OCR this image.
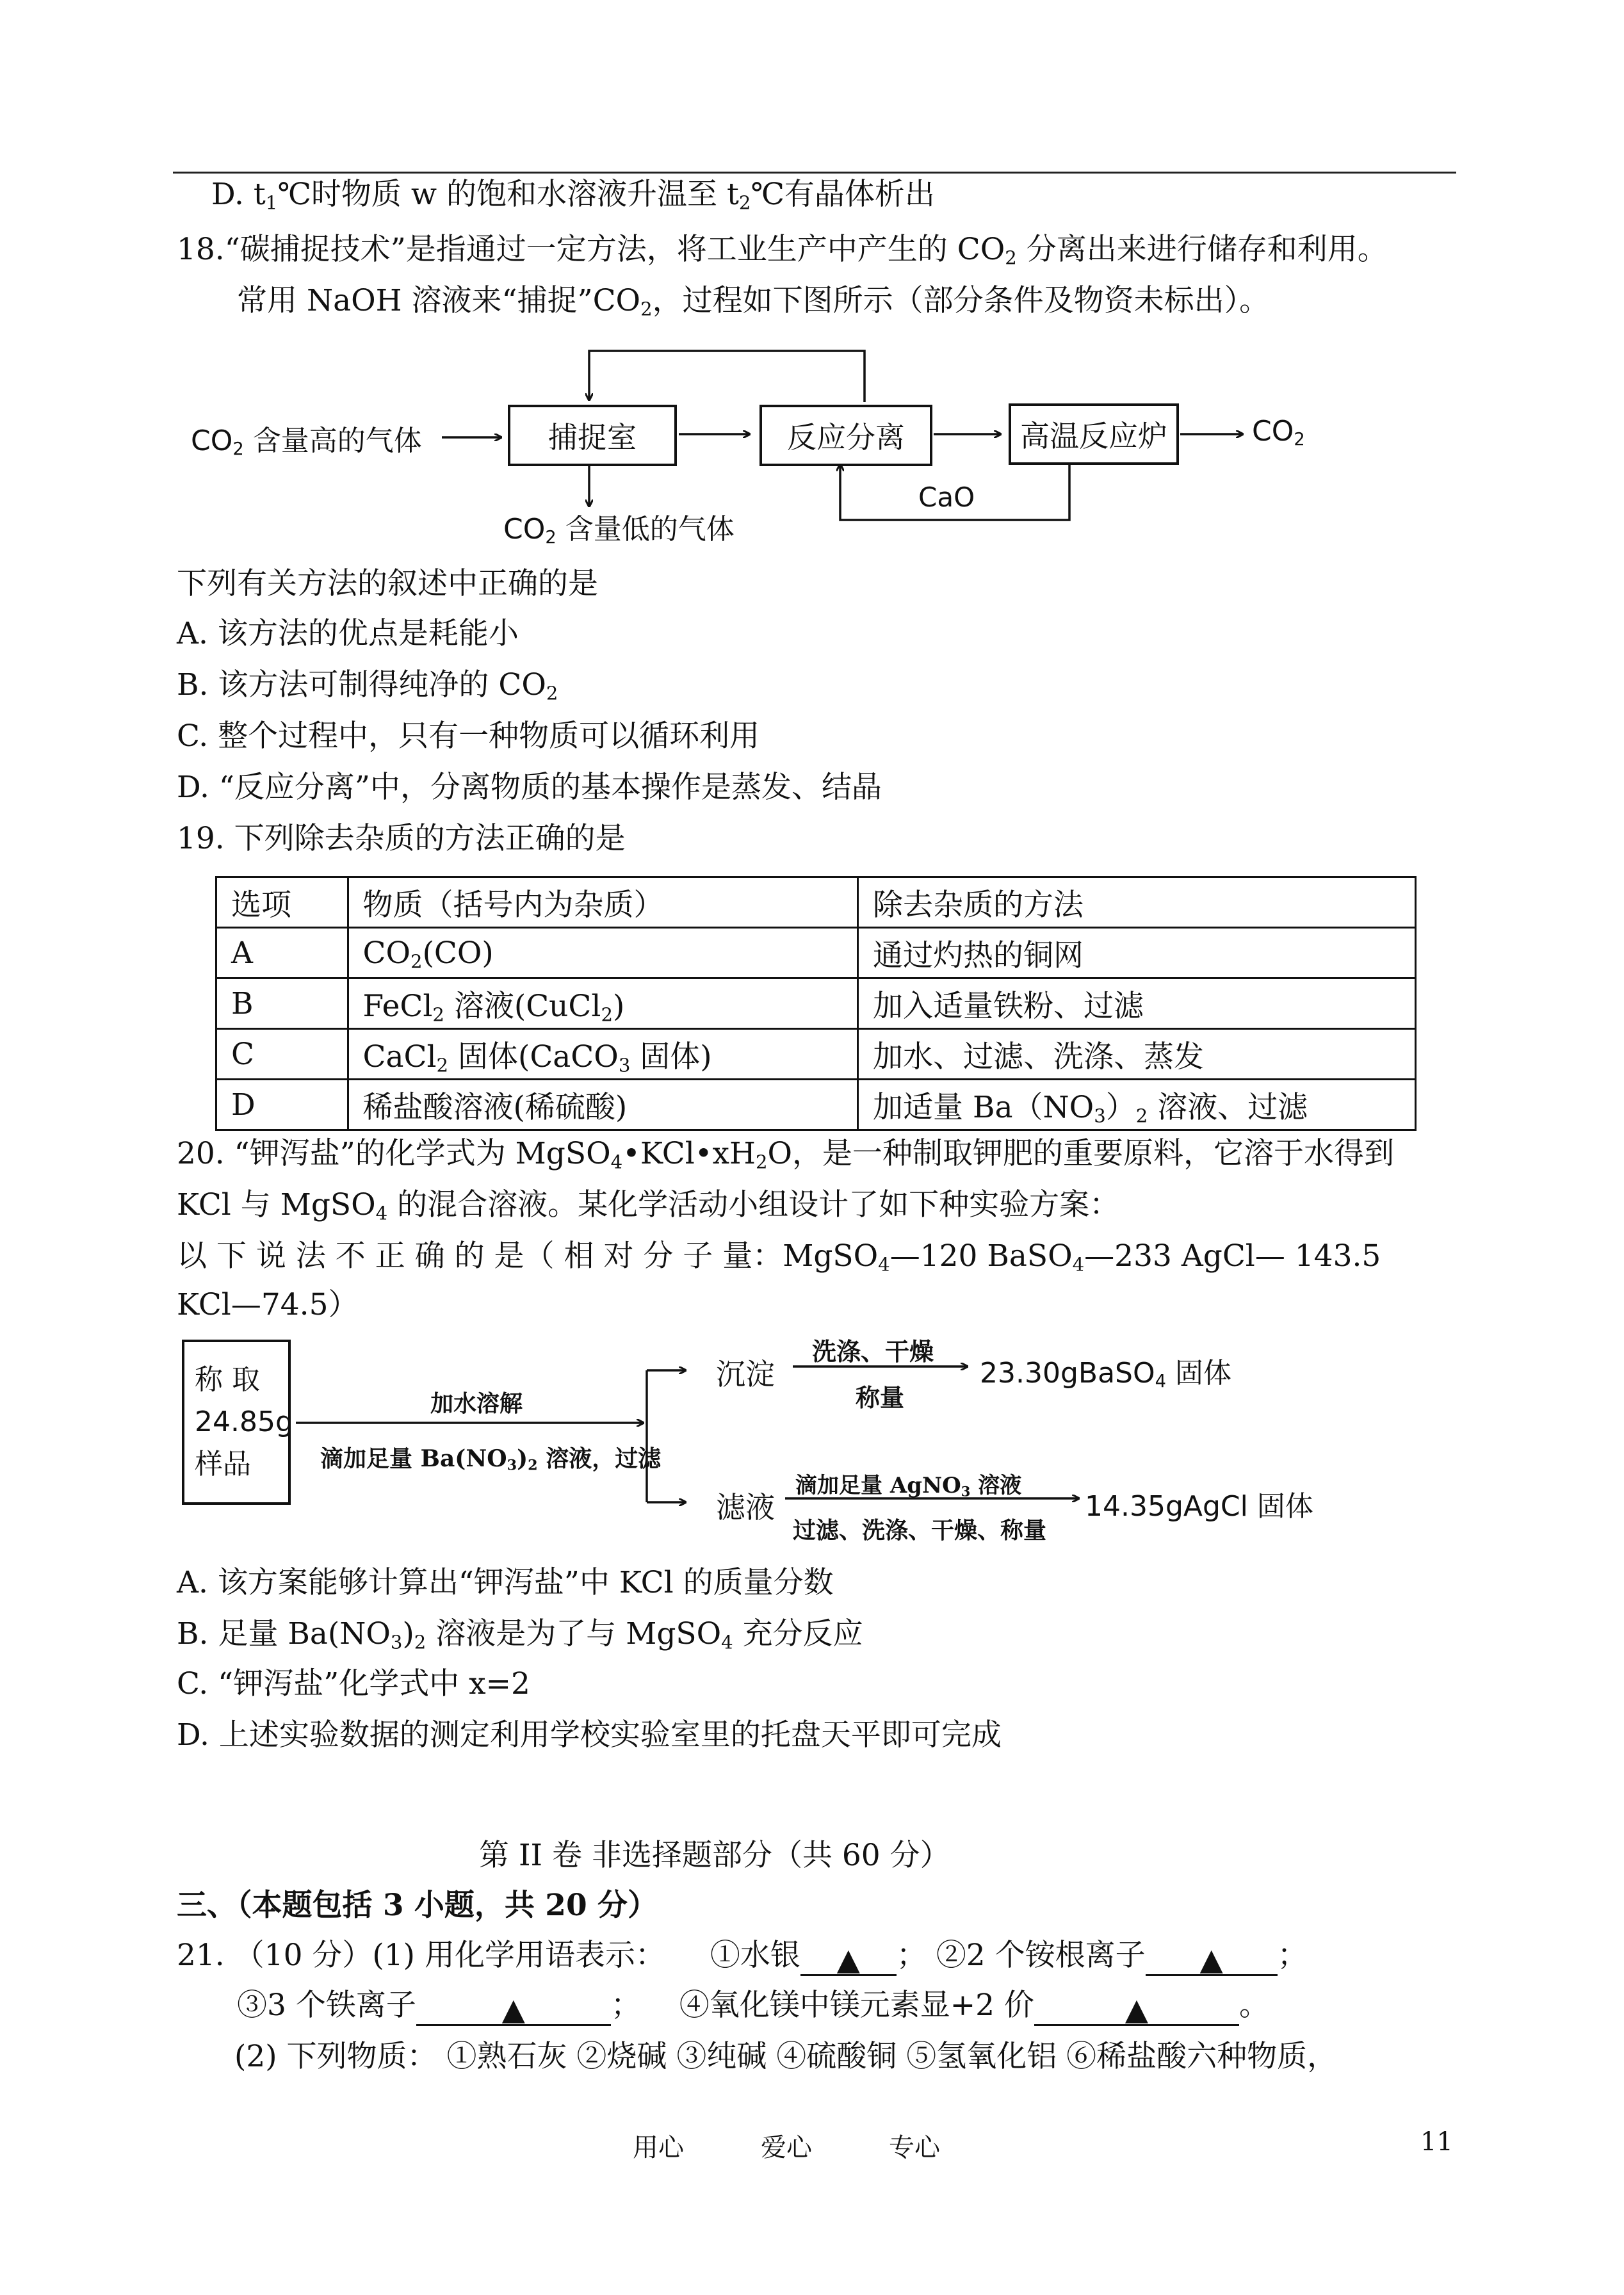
D. $t_1℃$时物质 w 的饱和水溶液升温至 $t_2℃$有晶体析出
18.“碳捕捉技术”是指通过一定方法，将工业生产中产生的 $CO_2$ 分离出来进行储存和利用。
常用 NaOH 溶液来“捕捉$”CO_2$，过程如下图所示（部分条件及物资未标出）。
$CO_2$ 含量高的气体	捕捉室	反应分离	高温反应炉	$CO_2$
$CO_2$ 含量低的气体
CaO
下列有关方法的叙述中正确的是
A. 该方法的优点是耗能小
B. 该方法可制得纯净的 $CO_2$
C. 整个过程中，只有一种物质可以循环利用
D. “反应分离”中，分离物质的基本操作是蒸发、结晶
19. 下列除去杂质的方法正确的是
选项	物质（括号内为杂质）	除去杂质的方法
A	$CO_2(CO)$	通过灼热的铜网
B	FeCl$_2$ 溶液(CuCl$_2$)	加入适量铁粉、过滤
C	CaCl$_2$ 固体(CaCO$_3$ 固体)	加水、过滤、洗涤、蒸发
D	稀盐酸溶液(稀硫酸)	加适量 $Ba(NO_3)_2$ 溶液、过滤
20. “钾泻盐”的化学式为 $MgSO_4•KCl•xH_2O$，是一种制取钾肥的重要原料，它溶于水得到
KCl 与 MgSO$_4$ 的混合溶液。某化学活动小组设计了如下种实验方案：
以 下 说 法 不 正 确 的 是（ 相 对 分 子 量：MgSO$_4$—120 BaSO$_4$—233 AgCl— 143.5
KCl—74.5）
称 取
24.85g
样品
加水溶解
滴加足量 $Ba(NO_3)_2$ 溶液，过滤
沉淀
滤液
洗涤、干燥
称量
23.30gBaSO$_4$ 固体
滴加足量 AgNO$_3$ 溶液
过滤、洗涤、干燥、称量
14.35gAgCl 固体
A. 该方案能够计算出“钾泻盐”中 KCl 的质量分数
B. 足量 $Ba(NO_3)_2$ 溶液是为了与 MgSO$_4$ 充分反应
C. “钾泻盐”化学式中 x=2
D. 上述实验数据的测定利用学校实验室里的托盘天平即可完成
第 II 卷 非选择题部分（共 60 分）
三、（本题包括 3 小题，共 20 分）
21. （10 分）(1) 用化学用语表示： ①水银 ▲ ； ②2 个铵根离子 ▲ ；
③3 个铁离子	▲	； ④氧化镁中镁元素显+2 价	▲	。
(2) 下列物质： ①熟石灰 ②烧碱 ③纯碱 ④硫酸铜 ⑤氢氧化铝 ⑥稀盐酸六种物质，
用心	爱心	专心	11
